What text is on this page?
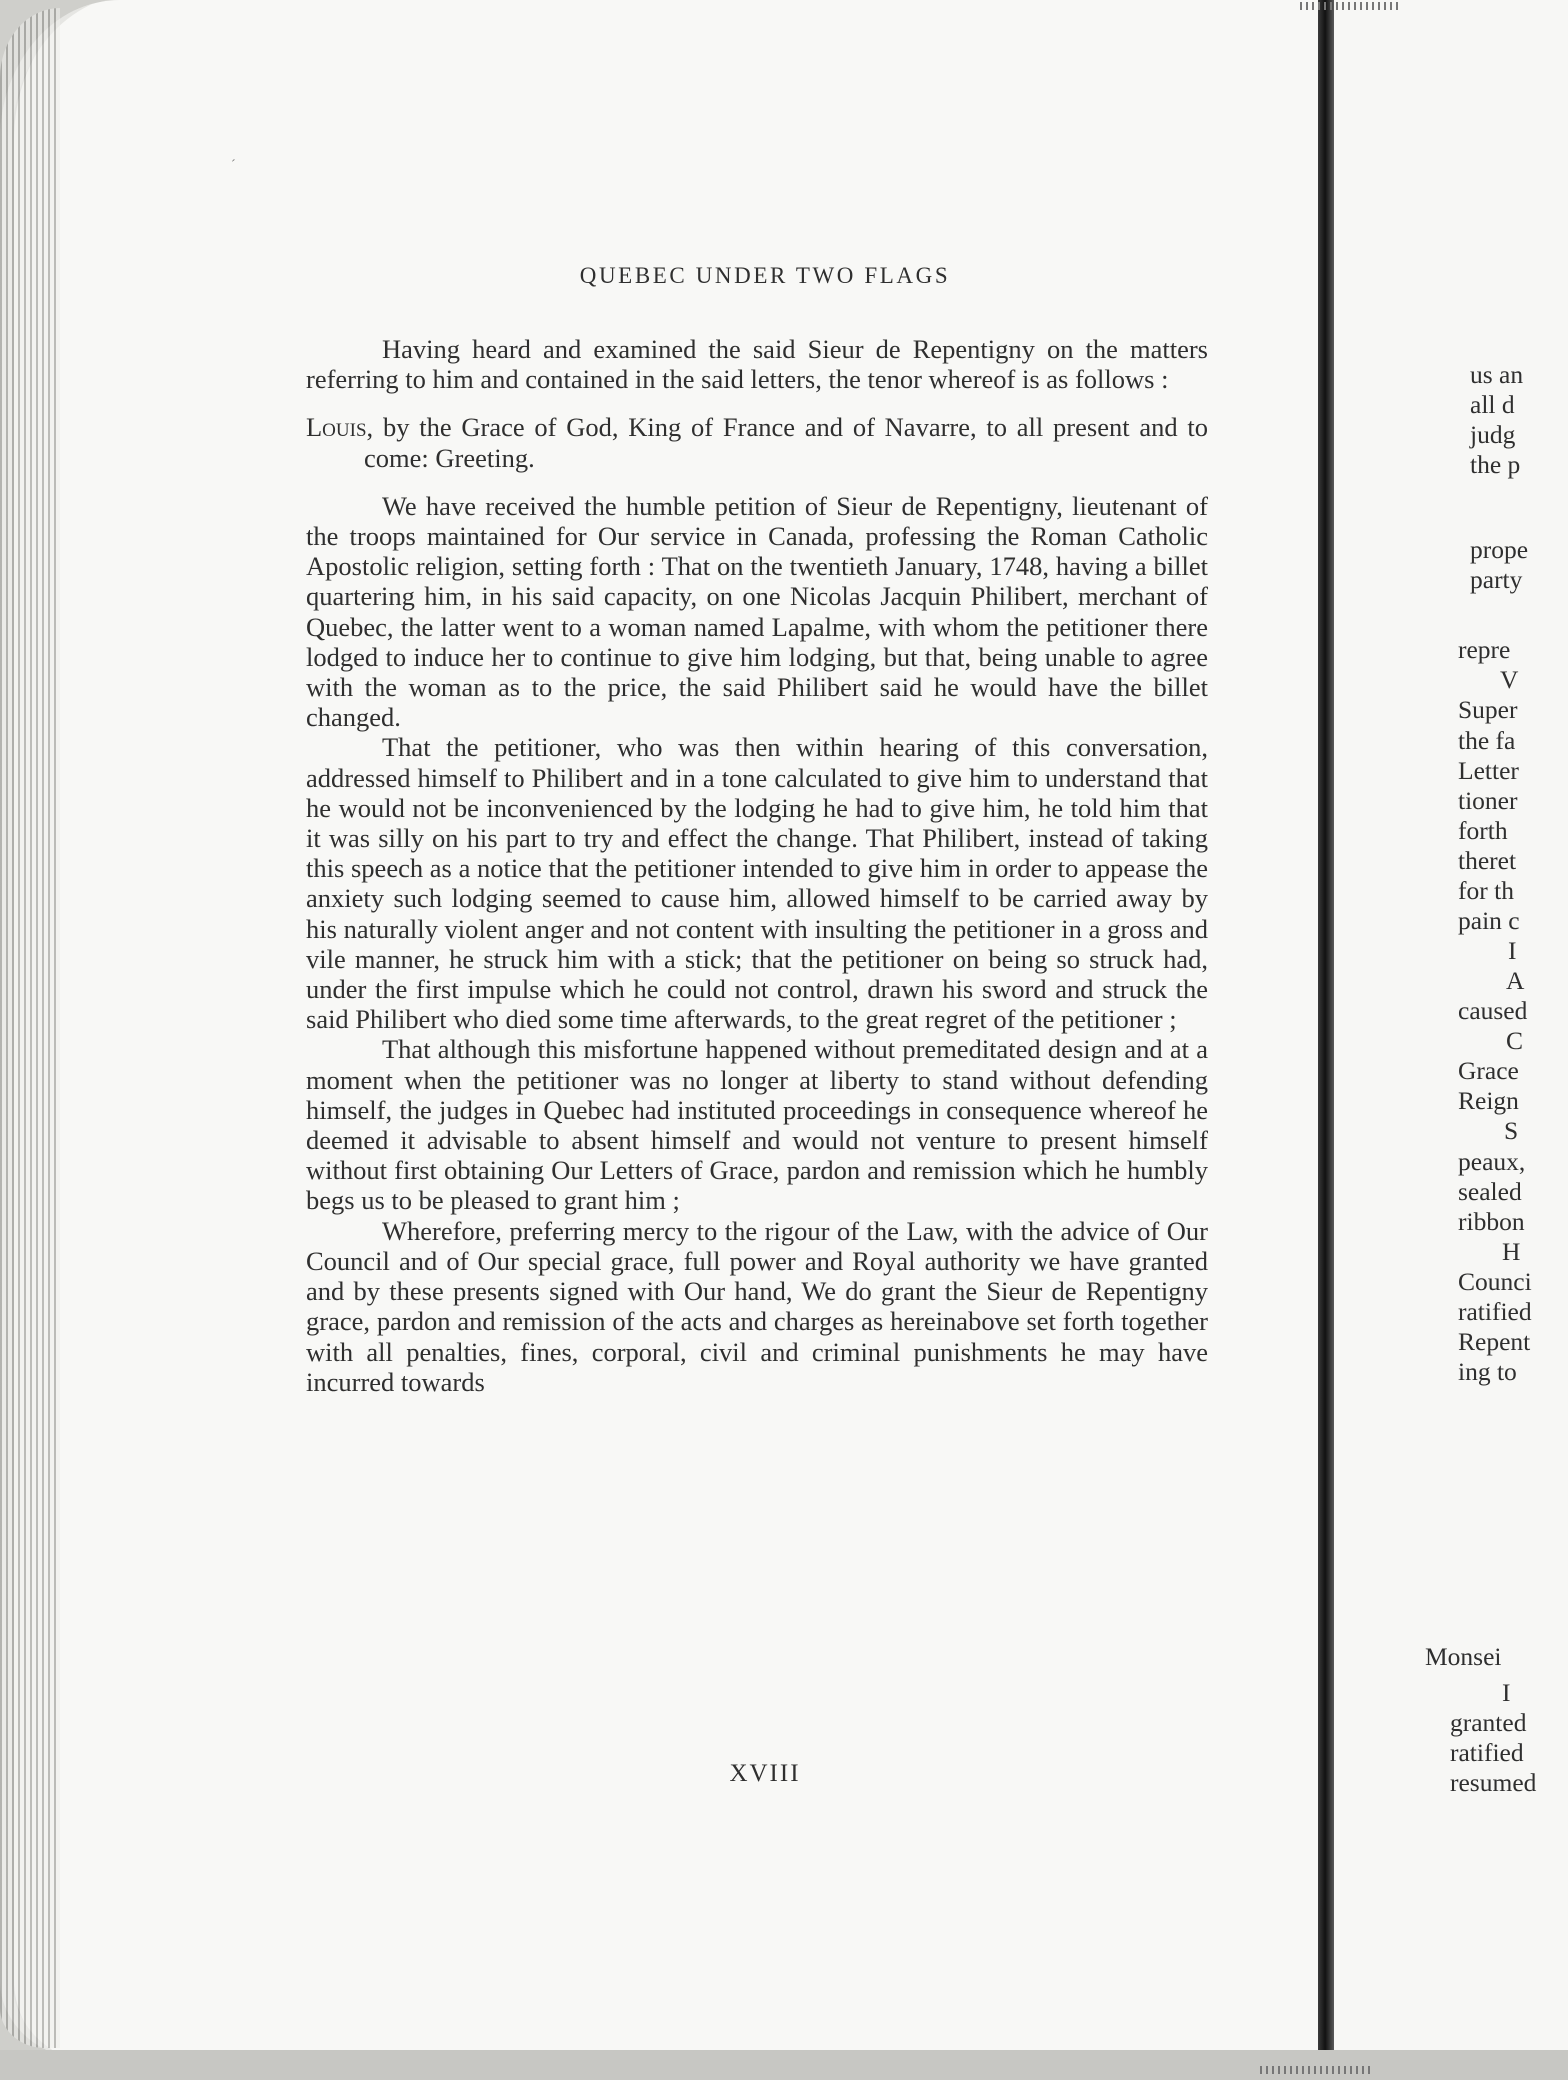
ˊ
QUEBEC UNDER TWO FLAGS

Having heard and examined the said Sieur de Repentigny on the matters referring to him and contained in the said letters, the tenor whereof is as follows :

Louis, by the Grace of God, King of France and of Navarre, to all present and to come: Greeting.

We have received the humble petition of Sieur de Repentigny, lieutenant of the troops maintained for Our service in Canada, professing the Roman Catholic Apostolic religion, setting forth : That on the twentieth January, 1748, having a billet quartering him, in his said capacity, on one Nicolas Jacquin Philibert, merchant of Quebec, the latter went to a woman named Lapalme, with whom the petitioner there lodged to induce her to continue to give him lodging, but that, being unable to agree with the woman as to the price, the said Philibert said he would have the billet changed.

That the petitioner, who was then within hearing of this conversation, addressed himself to Philibert and in a tone calculated to give him to understand that he would not be inconvenienced by the lodging he had to give him, he told him that it was silly on his part to try and effect the change. That Philibert, instead of taking this speech as a notice that the petitioner intended to give him in order to appease the anxiety such lodging seemed to cause him, allowed himself to be carried away by his naturally violent anger and not content with insulting the petitioner in a gross and vile manner, he struck him with a stick; that the petitioner on being so struck had, under the first impulse which he could not control, drawn his sword and struck the said Philibert who died some time afterwards, to the great regret of the petitioner ;

That although this misfortune happened without premeditated design and at a moment when the petitioner was no longer at liberty to stand without defending himself, the judges in Quebec had instituted proceedings in consequence whereof he deemed it advisable to absent himself and would not venture to present himself without first obtaining Our Letters of Grace, pardon and remission which he humbly begs us to be pleased to grant him ;

Wherefore, preferring mercy to the rigour of the Law, with the advice of Our Council and of Our special grace, full power and Royal authority we have granted and by these presents signed with Our hand, We do grant the Sieur de Repentigny grace, pardon and remission of the acts and charges as hereinabove set forth together with all penalties, fines, corporal, civil and criminal punishments he may have incurred towards

XVIII
us an
all d
judg
the p
prope
party
repre
V
Super
the fa
Letter
tioner
forth
theret
for th
pain c
I
A
caused
C
Grace
Reign
S
peaux,
sealed
ribbon
H
Counci
ratified
Repent
ing to
Monsei
I
granted
ratified
resumed
